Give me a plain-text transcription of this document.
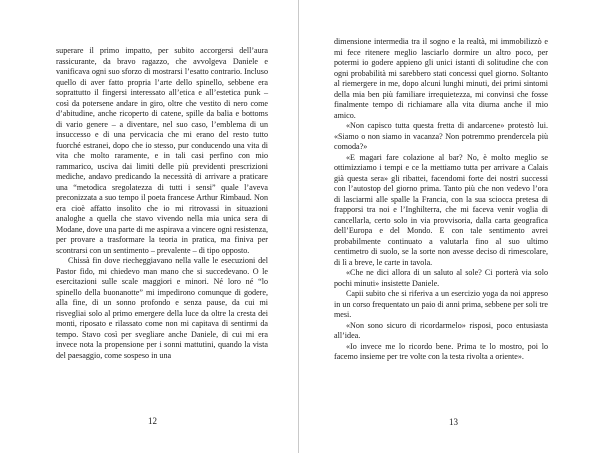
superare il primo impatto, per subito accorgersi dell’aura rassicurante, da bravo ragazzo, che avvolgeva Daniele e vanificava ogni suo sforzo di mostrarsi l’esatto contrario. Incluso quello di aver fatto propria l’arte dello spinello, sebbene era soprattutto il fingersi interessato all’etica e all’estetica punk – così da potersene andare in giro, oltre che vestito di nero come d’abitudine, anche ricoperto di catene, spille da balia e bottoms di vario genere – a diventare, nel suo caso, l’emblema di un insuccesso e di una pervicacia che mi erano del resto tutto fuorché estranei, dopo che io stesso, pur conducendo una vita di vita che molto raramente, e in tali casi perfino con mio rammarico, usciva dai limiti delle più previdenti prescrizioni mediche, andavo predicando la necessità di arrivare a praticare una “metodica sregolatezza di tutti i sensi” quale l’aveva preconizzata a suo tempo il poeta francese Arthur Rimbaud. Non era cioè affatto insolito che io mi ritrovassi in situazioni analoghe a quella che stavo vivendo nella mia unica sera di Modane, dove una parte di me aspirava a vincere ogni resistenza, per provare a trasformare la teoria in pratica, ma finiva per scontrarsi con un sentimento – prevalente – di tipo opposto.

Chissà fin dove riecheggiavano nella valle le esecuzioni del Pastor fido, mi chiedevo man mano che si succedevano. O le esercitazioni sulle scale maggiori e minori. Né loro né “lo spinello della buonanotte” mi impedirono comunque di godere, alla fine, di un sonno profondo e senza pause, da cui mi risvegliai solo al primo emergere della luce da oltre la cresta dei monti, riposato e rilassato come non mi capitava di sentirmi da tempo. Stavo così per svegliare anche Daniele, di cui mi era invece nota la propensione per i sonni mattutini, quando la vista del paesaggio, come sospeso in una

12

dimensione intermedia tra il sogno e la realtà, mi immobilizzò e mi fece ritenere meglio lasciarlo dormire un altro poco, per potermi io godere appieno gli unici istanti di solitudine che con ogni probabilità mi sarebbero stati concessi quel giorno. Soltanto al riemergere in me, dopo alcuni lunghi minuti, dei primi sintomi della mia ben più familiare irrequietezza, mi convinsi che fosse finalmente tempo di richiamare alla vita diurna anche il mio amico.

«Non capisco tutta questa fretta di andarcene» protestò lui. «Siamo o non siamo in vacanza? Non potremmo prendercela più comoda?»

«E magari fare colazione al bar? No, è molto meglio se ottimizziamo i tempi e ce la mettiamo tutta per arrivare a Calais già questa sera» gli ribattei, facendomi forte dei nostri successi con l’autostop del giorno prima. Tanto più che non vedevo l’ora di lasciarmi alle spalle la Francia, con la sua sciocca pretesa di frapporsi tra noi e l’Inghilterra, che mi faceva venir voglia di cancellarla, certo solo in via provvisoria, dalla carta geografica dell’Europa e del Mondo. E con tale sentimento avrei probabilmente continuato a valutarla fino al suo ultimo centimetro di suolo, se la sorte non avesse deciso di rimescolare, di lì a breve, le carte in tavola.

«Che ne dici allora di un saluto al sole? Ci porterà via solo pochi minuti» insistette Daniele.

Capii subito che si riferiva a un esercizio yoga da noi appreso in un corso frequentato un paio di anni prima, sebbene per soli tre mesi.

«Non sono sicuro di ricordarmelo» risposi, poco entusiasta all’idea.

«Io invece me lo ricordo bene. Prima te lo mostro, poi lo facemo insieme per tre volte con la testa rivolta a oriente».

13
